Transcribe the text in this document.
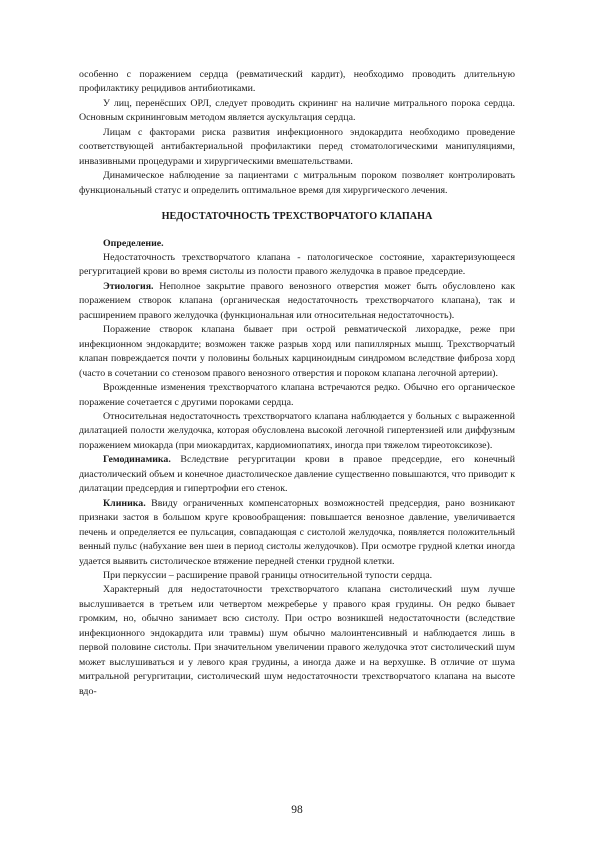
особенно с поражением сердца (ревматический кардит), необходимо проводить длительную профилактику рецидивов антибиотиками.

У лиц, перенёсших ОРЛ, следует проводить скрининг на наличие митрального порока сердца. Основным скрининговым методом является аускультация сердца.

Лицам с факторами риска развития инфекционного эндокардита необходимо проведение соответствующей антибактериальной профилактики перед стоматологическими манипуляциями, инвазивными процедурами и хирургическими вмешательствами.

Динамическое наблюдение за пациентами с митральным пороком позволяет контролировать функциональный статус и определить оптимальное время для хирургического лечения.

НЕДОСТАТОЧНОСТЬ ТРЕХСТВОРЧАТОГО КЛАПАНА

Определение.

Недостаточность трехстворчатого клапана - патологическое состояние, характеризующееся регургитацией крови во время систолы из полости правого желудочка в правое предсердие.

Этиология. Неполное закрытие правого венозного отверстия может быть обусловлено как поражением створок клапана (органическая недостаточность трехстворчатого клапана), так и расширением правого желудочка (функциональная или относительная недостаточность).

Поражение створок клапана бывает при острой ревматической лихорадке, реже при инфекционном эндокардите; возможен также разрыв хорд или папиллярных мышц. Трехстворчатый клапан повреждается почти у половины больных карциноидным синдромом вследствие фиброза хорд (часто в сочетании со стенозом правого венозного отверстия и пороком клапана легочной артерии).

Врожденные изменения трехстворчатого клапана встречаются редко. Обычно его органическое поражение сочетается с другими пороками сердца.

Относительная недостаточность трехстворчатого клапана наблюдается у больных с выраженной дилатацией полости желудочка, которая обусловлена высокой легочной гипертензией или диффузным поражением миокарда (при миокардитах, кардиомиопатиях, иногда при тяжелом тиреотоксикозе).

Гемодинамика. Вследствие регургитации крови в правое предсердие, его конечный диастолический объем и конечное диастолическое давление существенно повышаются, что приводит к дилатации предсердия и гипертрофии его стенок.

Клиника. Ввиду ограниченных компенсаторных возможностей предсердия, рано возникают признаки застоя в большом круге кровообращения: повышается венозное давление, увеличивается печень и определяется ее пульсация, совпадающая с систолой желудочка, появляется положительный венный пульс (набухание вен шеи в период систолы желудочков). При осмотре грудной клетки иногда удается выявить систолическое втяжение передней стенки грудной клетки.

При перкуссии – расширение правой границы относительной тупости сердца.

Характерный для недостаточности трехстворчатого клапана систолический шум лучше выслушивается в третьем или четвертом межреберье у правого края грудины. Он редко бывает громким, но, обычно занимает всю систолу. При остро возникшей недостаточности (вследствие инфекционного эндокардита или травмы) шум обычно малоинтенсивный и наблюдается лишь в первой половине систолы. При значительном увеличении правого желудочка этот систолический шум может выслушиваться и у левого края грудины, а иногда даже и на верхушке. В отличие от шума митральной регургитации, систолический шум недостаточности трехстворчатого клапана на высоте вдо-

98
